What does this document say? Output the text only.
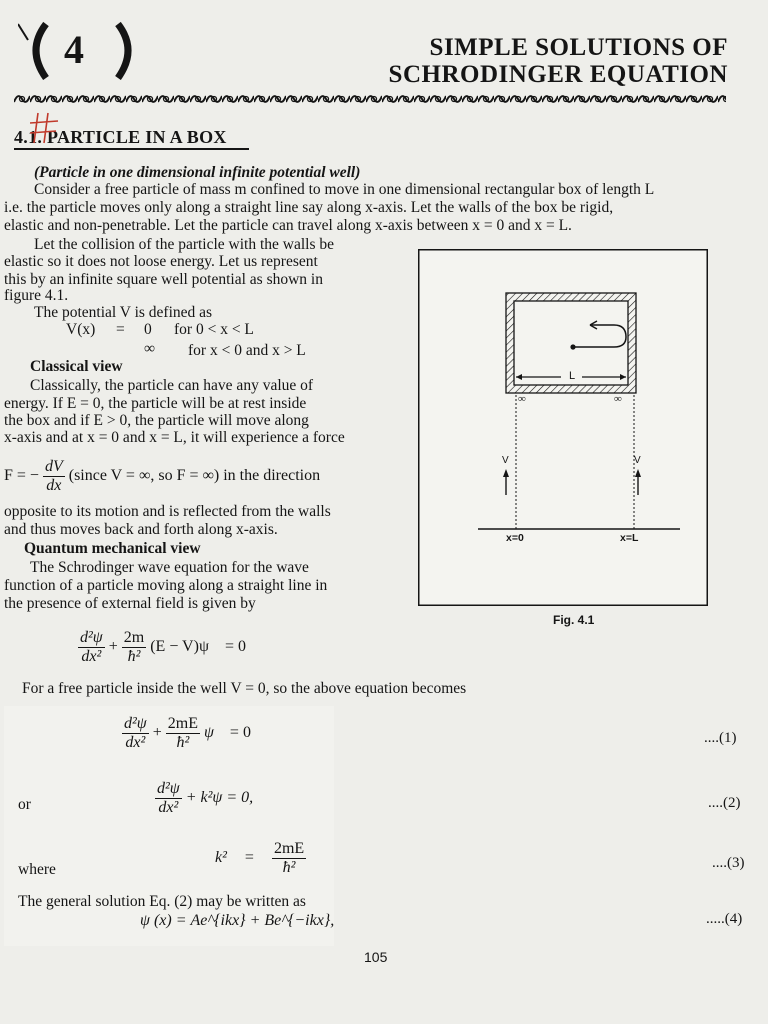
4	SIMPLE SOLUTIONS OF
SCHRODINGER EQUATION
4.1. PARTICLE IN A BOX
(Particle in one dimensional infinite potential well)
Consider a free particle of mass m confined to move in one dimensional rectangular box of length L
i.e. the particle moves only along a straight line say along x-axis. Let the walls of the box be rigid,
elastic and non-penetrable. Let the particle can travel along x-axis between x = 0 and x = L.
Let the collision of the particle with the walls be
elastic so it does not loose energy. Let us represent
this by an infinite square well potential as shown in
figure 4.1.
The potential V is defined as
V(x) = 0 for 0 < x < L
∞ for x < 0 and x > L
Classical view
Classically, the particle can have any value of
energy. If E = 0, the particle will be at rest inside
the box and if E > 0, the particle will move along
x-axis and at x = 0 and x = L, it will experience a force
F = − $\frac{dV}{dx}$ (since V = ∞, so F = ∞) in the direction
opposite to its motion and is reflected from the walls
and thus moves back and forth along x-axis.
Quantum mechanical view
The Schrodinger wave equation for the wave
function of a particle moving along a straight line in
the presence of external field is given by
L
∞	∞
V	V
x=0	x=L
Fig. 4.1
$\frac{\text{d²ψ}}{\text{dx²}} + \frac{2m}{\text{ħ²}} (E - V)\psi = 0$
For a free particle inside the well V = 0, so the above equation becomes
$\frac{\text{d²ψ}}{\text{dx²}} + \frac{2mE}{\text{ħ²}}$ ψ = 0	....(1)
or	$\frac{\text{d²ψ}}{\text{dx²}} + k^2\psi = 0$,	....(2)
where
$k^2 = \frac{2mE}{\text{ħ²}}$	....(3)
The general solution Eq. (2) may be written as
ψ (x) = Ae^{ikx} + Be^{−ikx},	.....(4)
105
